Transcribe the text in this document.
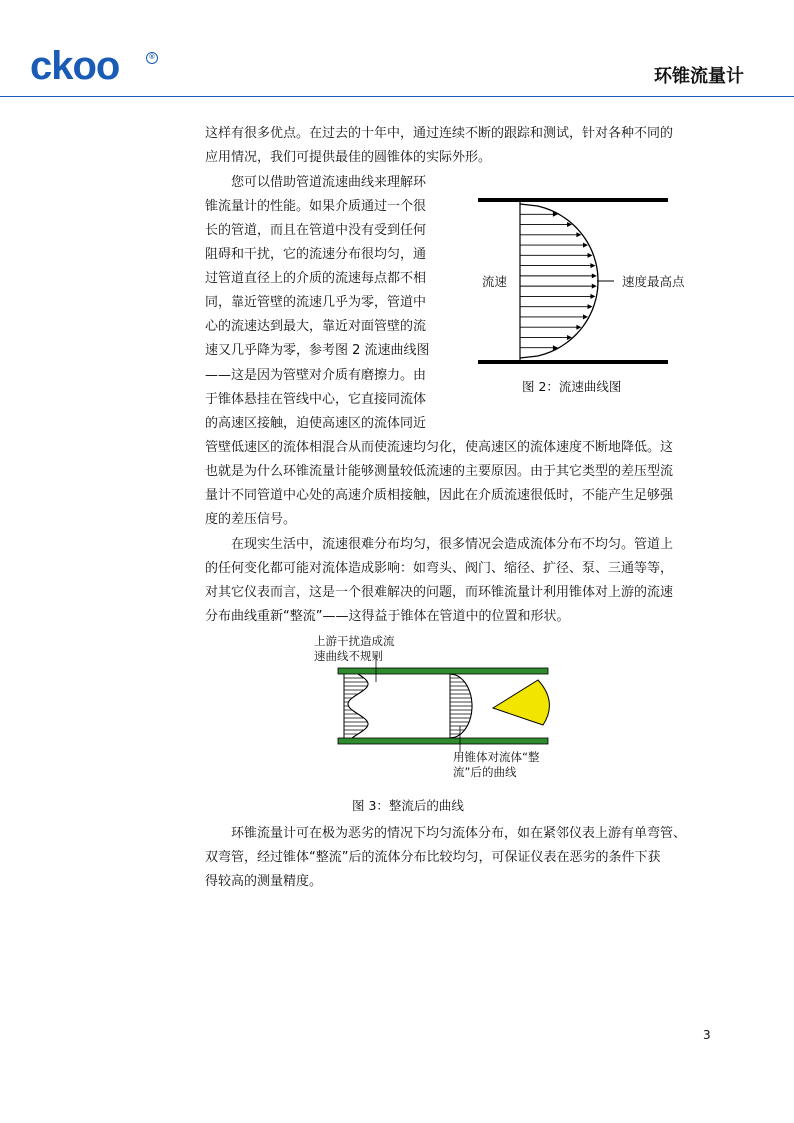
ckoo	®
环锥流量计

这样有很多优点。在过去的十年中，通过连续不断的跟踪和测试，针对各种不同的

应用情况，我们可提供最佳的圆锥体的实际外形。

您可以借助管道流速曲线来理解环

锥流量计的性能。如果介质通过一个很

长的管道，而且在管道中没有受到任何

阻碍和干扰，它的流速分布很均匀，通

过管道直径上的介质的流速每点都不相

同，靠近管壁的流速几乎为零，管道中

心的流速达到最大，靠近对面管壁的流

速又几乎降为零，参考图 2 流速曲线图

——这是因为管壁对介质有磨擦力。由

于锥体悬挂在管线中心，它直接同流体

的高速区接触，迫使高速区的流体同近

管壁低速区的流体相混合从而使流速均匀化，使高速区的流体速度不断地降低。这

也就是为什么环锥流量计能够测量较低流速的主要原因。由于其它类型的差压型流

量计不同管道中心处的高速介质相接触，因此在介质流速很低时，不能产生足够强

度的差压信号。

流速	速度最高点
图 2：流速曲线图

在现实生活中，流速很难分布均匀，很多情况会造成流体分布不均匀。管道上

的任何变化都可能对流体造成影响：如弯头、阀门、缩径、扩径、泵、三通等等，

对其它仪表而言，这是一个很难解决的问题，而环锥流量计利用锥体对上游的流速

分布曲线重新“整流”——这得益于锥体在管道中的位置和形状。

上游干扰造成流
速曲线不规则
用锥体对流体“整
流”后的曲线
图 3：整流后的曲线

环锥流量计可在极为恶劣的情况下均匀流体分布，如在紧邻仪表上游有单弯管、

双弯管，经过锥体“整流”后的流体分布比较均匀，可保证仪表在恶劣的条件下获

得较高的测量精度。

3
